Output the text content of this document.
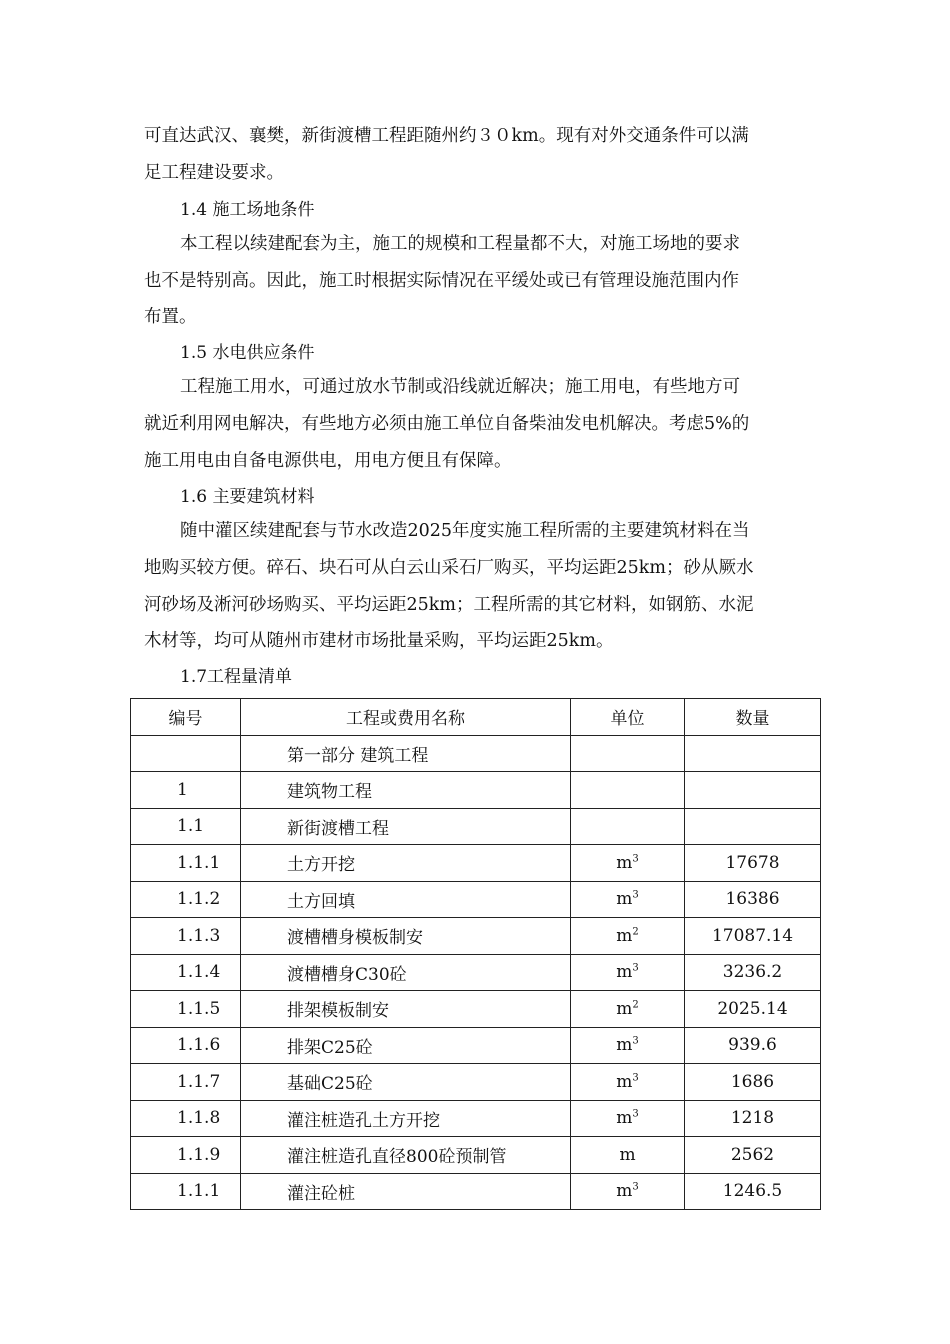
可直达武汉、襄樊，新街渡槽工程距随州约３０km。现有对外交通条件可以满
足工程建设要求。
1.4 施工场地条件
本工程以续建配套为主，施工的规模和工程量都不大，对施工场地的要求
也不是特别高。因此，施工时根据实际情况在平缓处或已有管理设施范围内作
布置。
1.5 水电供应条件
工程施工用水，可通过放水节制或沿线就近解决；施工用电，有些地方可
就近利用网电解决，有些地方必须由施工单位自备柴油发电机解决。考虑5%的
施工用电由自备电源供电，用电方便且有保障。
1.6 主要建筑材料
随中灌区续建配套与节水改造2025年度实施工程所需的主要建筑材料在当
地购买较方便。碎石、块石可从白云山采石厂购买，平均运距25km；砂从厥水
河砂场及淅河砂场购买、平均运距25km；工程所需的其它材料，如钢筋、水泥
木材等，均可从随州市建材市场批量采购，平均运距25km。
1.7工程量清单
编号	工程或费用名称	单位	数量
	第一部分 建筑工程		
1	建筑物工程		
1.1	新街渡槽工程		
1.1.1	土方开挖	$m^3$	17678
1.1.2	土方回填	$m^3$	16386
1.1.3	渡槽槽身模板制安	$m^2$	17087.14
1.1.4	渡槽槽身C30砼	$m^3$	3236.2
1.1.5	排架模板制安	$m^2$	2025.14
1.1.6	排架C25砼	$m^3$	939.6
1.1.7	基础C25砼	$m^3$	1686
1.1.8	灌注桩造孔土方开挖	$m^3$	1218
1.1.9	灌注桩造孔直径800砼预制管	m	2562
1.1.1	灌注砼桩	$m^3$	1246.5
